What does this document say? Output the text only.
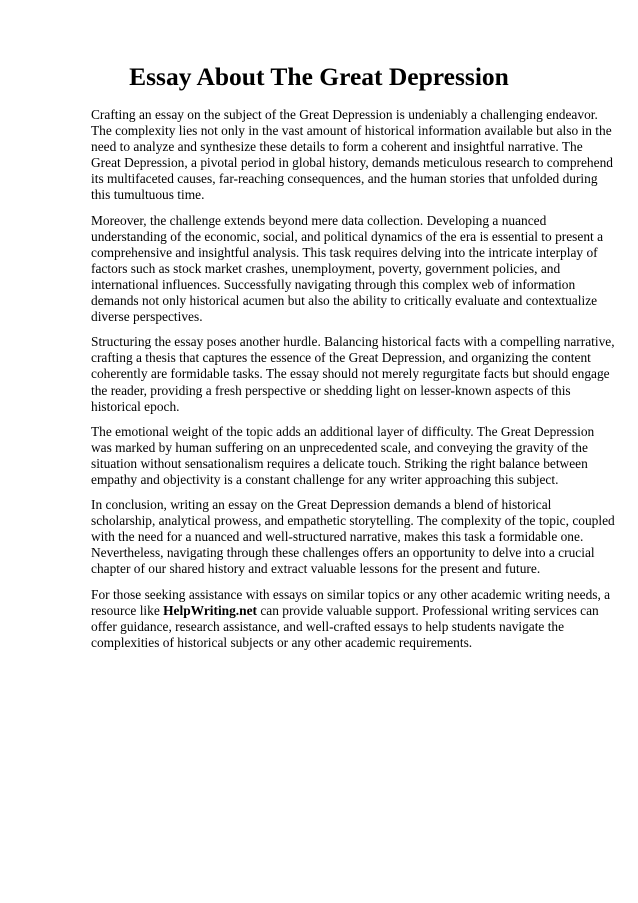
Essay About The Great Depression

Crafting an essay on the subject of the Great Depression is undeniably a challenging endeavor.
The complexity lies not only in the vast amount of historical information available but also in the
need to analyze and synthesize these details to form a coherent and insightful narrative. The
Great Depression, a pivotal period in global history, demands meticulous research to comprehend
its multifaceted causes, far-reaching consequences, and the human stories that unfolded during
this tumultuous time.

Moreover, the challenge extends beyond mere data collection. Developing a nuanced
understanding of the economic, social, and political dynamics of the era is essential to present a
comprehensive and insightful analysis. This task requires delving into the intricate interplay of
factors such as stock market crashes, unemployment, poverty, government policies, and
international influences. Successfully navigating through this complex web of information
demands not only historical acumen but also the ability to critically evaluate and contextualize
diverse perspectives.

Structuring the essay poses another hurdle. Balancing historical facts with a compelling narrative,
crafting a thesis that captures the essence of the Great Depression, and organizing the content
coherently are formidable tasks. The essay should not merely regurgitate facts but should engage
the reader, providing a fresh perspective or shedding light on lesser-known aspects of this
historical epoch.

The emotional weight of the topic adds an additional layer of difficulty. The Great Depression
was marked by human suffering on an unprecedented scale, and conveying the gravity of the
situation without sensationalism requires a delicate touch. Striking the right balance between
empathy and objectivity is a constant challenge for any writer approaching this subject.

In conclusion, writing an essay on the Great Depression demands a blend of historical
scholarship, analytical prowess, and empathetic storytelling. The complexity of the topic, coupled
with the need for a nuanced and well-structured narrative, makes this task a formidable one.
Nevertheless, navigating through these challenges offers an opportunity to delve into a crucial
chapter of our shared history and extract valuable lessons for the present and future.

For those seeking assistance with essays on similar topics or any other academic writing needs, a
resource like HelpWriting.net can provide valuable support. Professional writing services can
offer guidance, research assistance, and well-crafted essays to help students navigate the
complexities of historical subjects or any other academic requirements.
